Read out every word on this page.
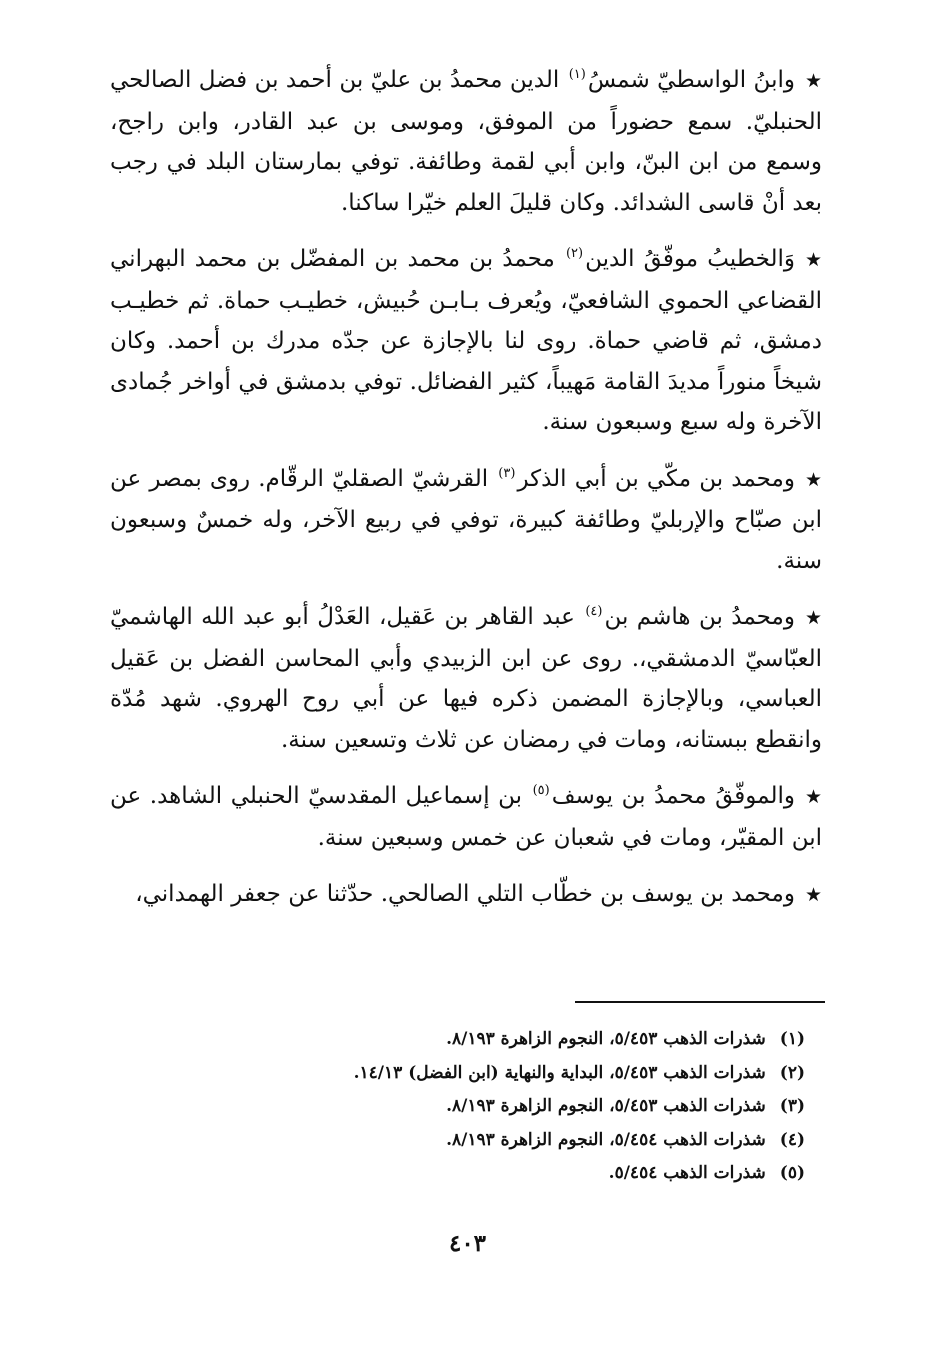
★وابنُ الواسطيّ شمسُ$^{(١)}$ الدين محمدُ بن عليّ بن أحمد بن فضل الصالحي الحنبليّ. سمع حضوراً من الموفق، وموسى بن عبد القادر، وابن راجح، وسمع من ابن البنّ، وابن أبي لقمة وطائفة. توفي بمارستان البلد في رجب بعد أنْ قاسى الشدائد. وكان قليلَ العلم خيّرا ساكنا.

★وَالخطيبُ موفّقُ الدين$^{(٢)}$ محمدُ بن محمد بن المفضّل بن محمد البهراني القضاعي الحموي الشافعيّ، ويُعرف بـابـن حُبيش، خطيـب حماة. ثم خطيـب دمشق، ثم قاضي حماة. روى لنا بالإجازة عن جدّه مدرك بن أحمد. وكان شيخاً منوراً مديدَ القامة مَهيباً، كثير الفضائل. توفي بدمشق في أواخر جُمادى الآخرة وله سبع وسبعون سنة.

★ومحمد بن مكّي بن أبي الذكر$^{(٣)}$ القرشيّ الصقليّ الرقّام. روى بمصر عن ابن صبّاح والإربليّ وطائفة كبيرة، توفي في ربيع الآخر، وله خمسٌ وسبعون سنة.

★ومحمدُ بن هاشم بن$^{(٤)}$ عبد القاهر بن عَقيل، العَدْلُ أبو عبد الله الهاشميّ العبّاسيّ الدمشقي،. روى عن ابن الزبيدي وأبي المحاسن الفضل بن عَقيل العباسي، وبالإجازة المضمن ذكره فيها عن أبي روح الهروي. شهد مُدّة وانقطع ببستانه، ومات في رمضان عن ثلاث وتسعين سنة.

★والموفّقُ محمدُ بن يوسف$^{(٥)}$ بن إسماعيل المقدسيّ الحنبلي الشاهد. عن ابن المقيّر، ومات في شعبان عن خمس وسبعين سنة.

★ومحمد بن يوسف بن خطّاب التلي الصالحي. حدّثنا عن جعفر الهمداني،

(١)شذرات الذهب ٥/٤٥٣، النجوم الزاهرة ٨/١٩٣.
(٢)شذرات الذهب ٥/٤٥٣، البداية والنهاية (ابن الفضل) ١٤/١٣.
(٣)شذرات الذهب ٥/٤٥٣، النجوم الزاهرة ٨/١٩٣.
(٤)شذرات الذهب ٥/٤٥٤، النجوم الزاهرة ٨/١٩٣.
(٥)شذرات الذهب ٥/٤٥٤.
٤٠٣
